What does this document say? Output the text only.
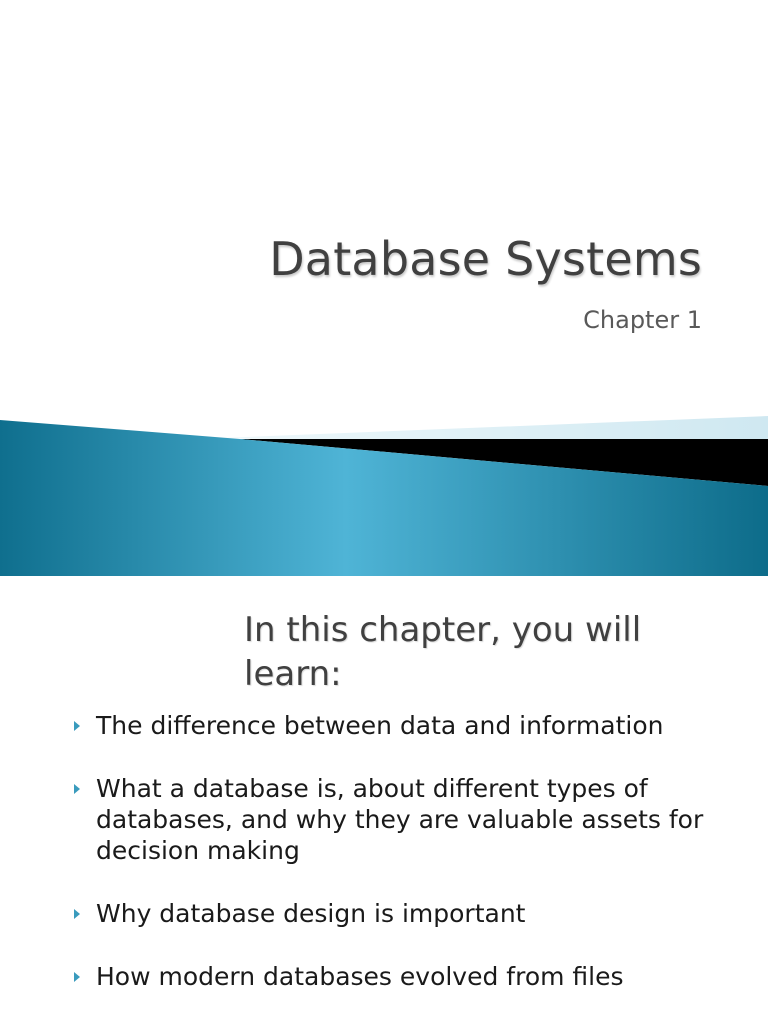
Database Systems

Chapter 1

In this chapter, you will learn:
The difference between data and information
What a database is, about different types of databases, and why they are valuable assets for decision making
Why database design is important
How modern databases evolved from files
